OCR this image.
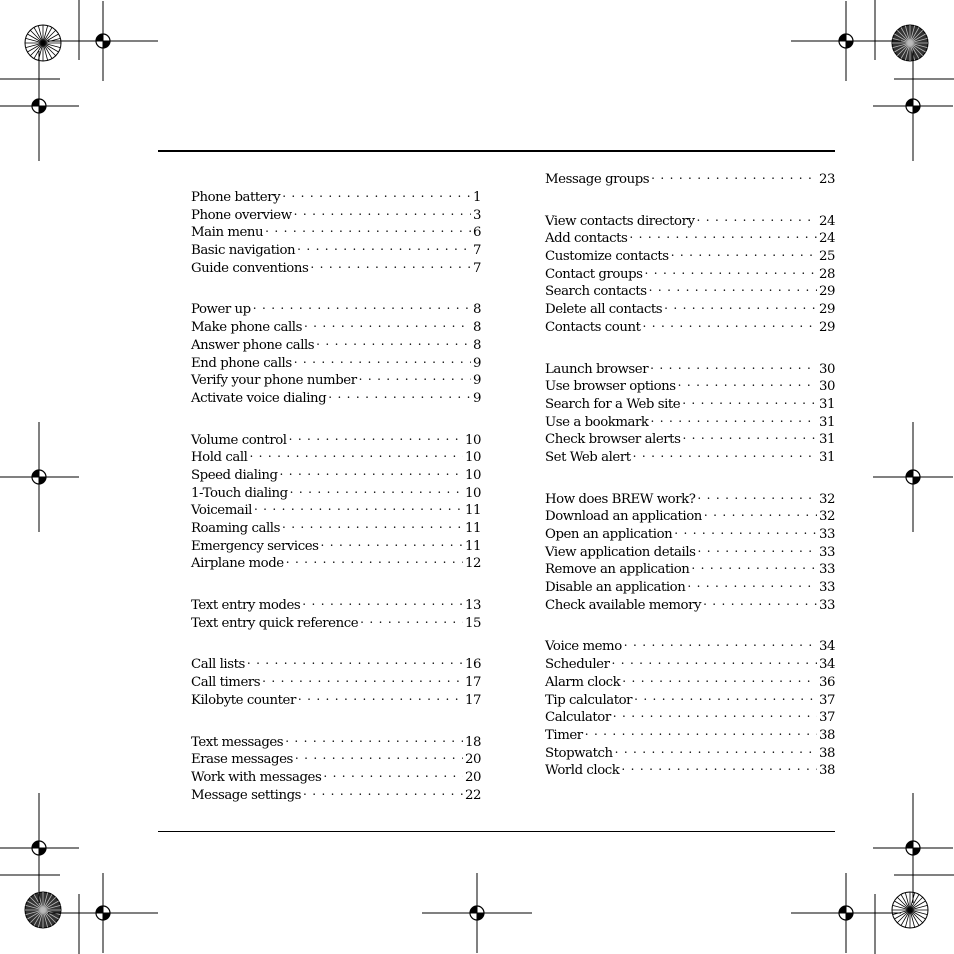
Phone battery . . .	1
Phone overview . . .	3
Main menu . . .	6
Basic navigation . . .	7
Guide conventions . . .	7
Power up . . .	8
Make phone calls . . .	8
Answer phone calls . . .	8
End phone calls . . .	9
Verify your phone number . . .	9
Activate voice dialing . . .	9
Volume control . . .	10
Hold call . . .	10
Speed dialing . . .	10
1-Touch dialing . . .	10
Voicemail . . .	11
Roaming calls . . .	11
Emergency services . . .	11
Airplane mode . . .	12
Text entry modes . . .	13
Text entry quick reference . . .	15
Call lists . . .	16
Call timers . . .	17
Kilobyte counter . . .	17
Text messages . . .	18
Erase messages . . .	20
Work with messages . . .	20
Message settings . . .	22
Message groups . . .	23
View contacts directory . . .	24
Add contacts . . .	24
Customize contacts . . .	25
Contact groups . . .	28
Search contacts . . .	29
Delete all contacts . . .	29
Contacts count . . .	29
Launch browser . . .	30
Use browser options . . .	30
Search for a Web site . . .	31
Use a bookmark . . .	31
Check browser alerts . . .	31
Set Web alert . . .	31
How does BREW work? . . .	32
Download an application . . .	32
Open an application . . .	33
View application details . . .	33
Remove an application . . .	33
Disable an application . . .	33
Check available memory . . .	33
Voice memo . . .	34
Scheduler . . .	34
Alarm clock . . .	36
Tip calculator . . .	37
Calculator . . .	37
Timer . . .	38
Stopwatch . . .	38
World clock . . .	38
